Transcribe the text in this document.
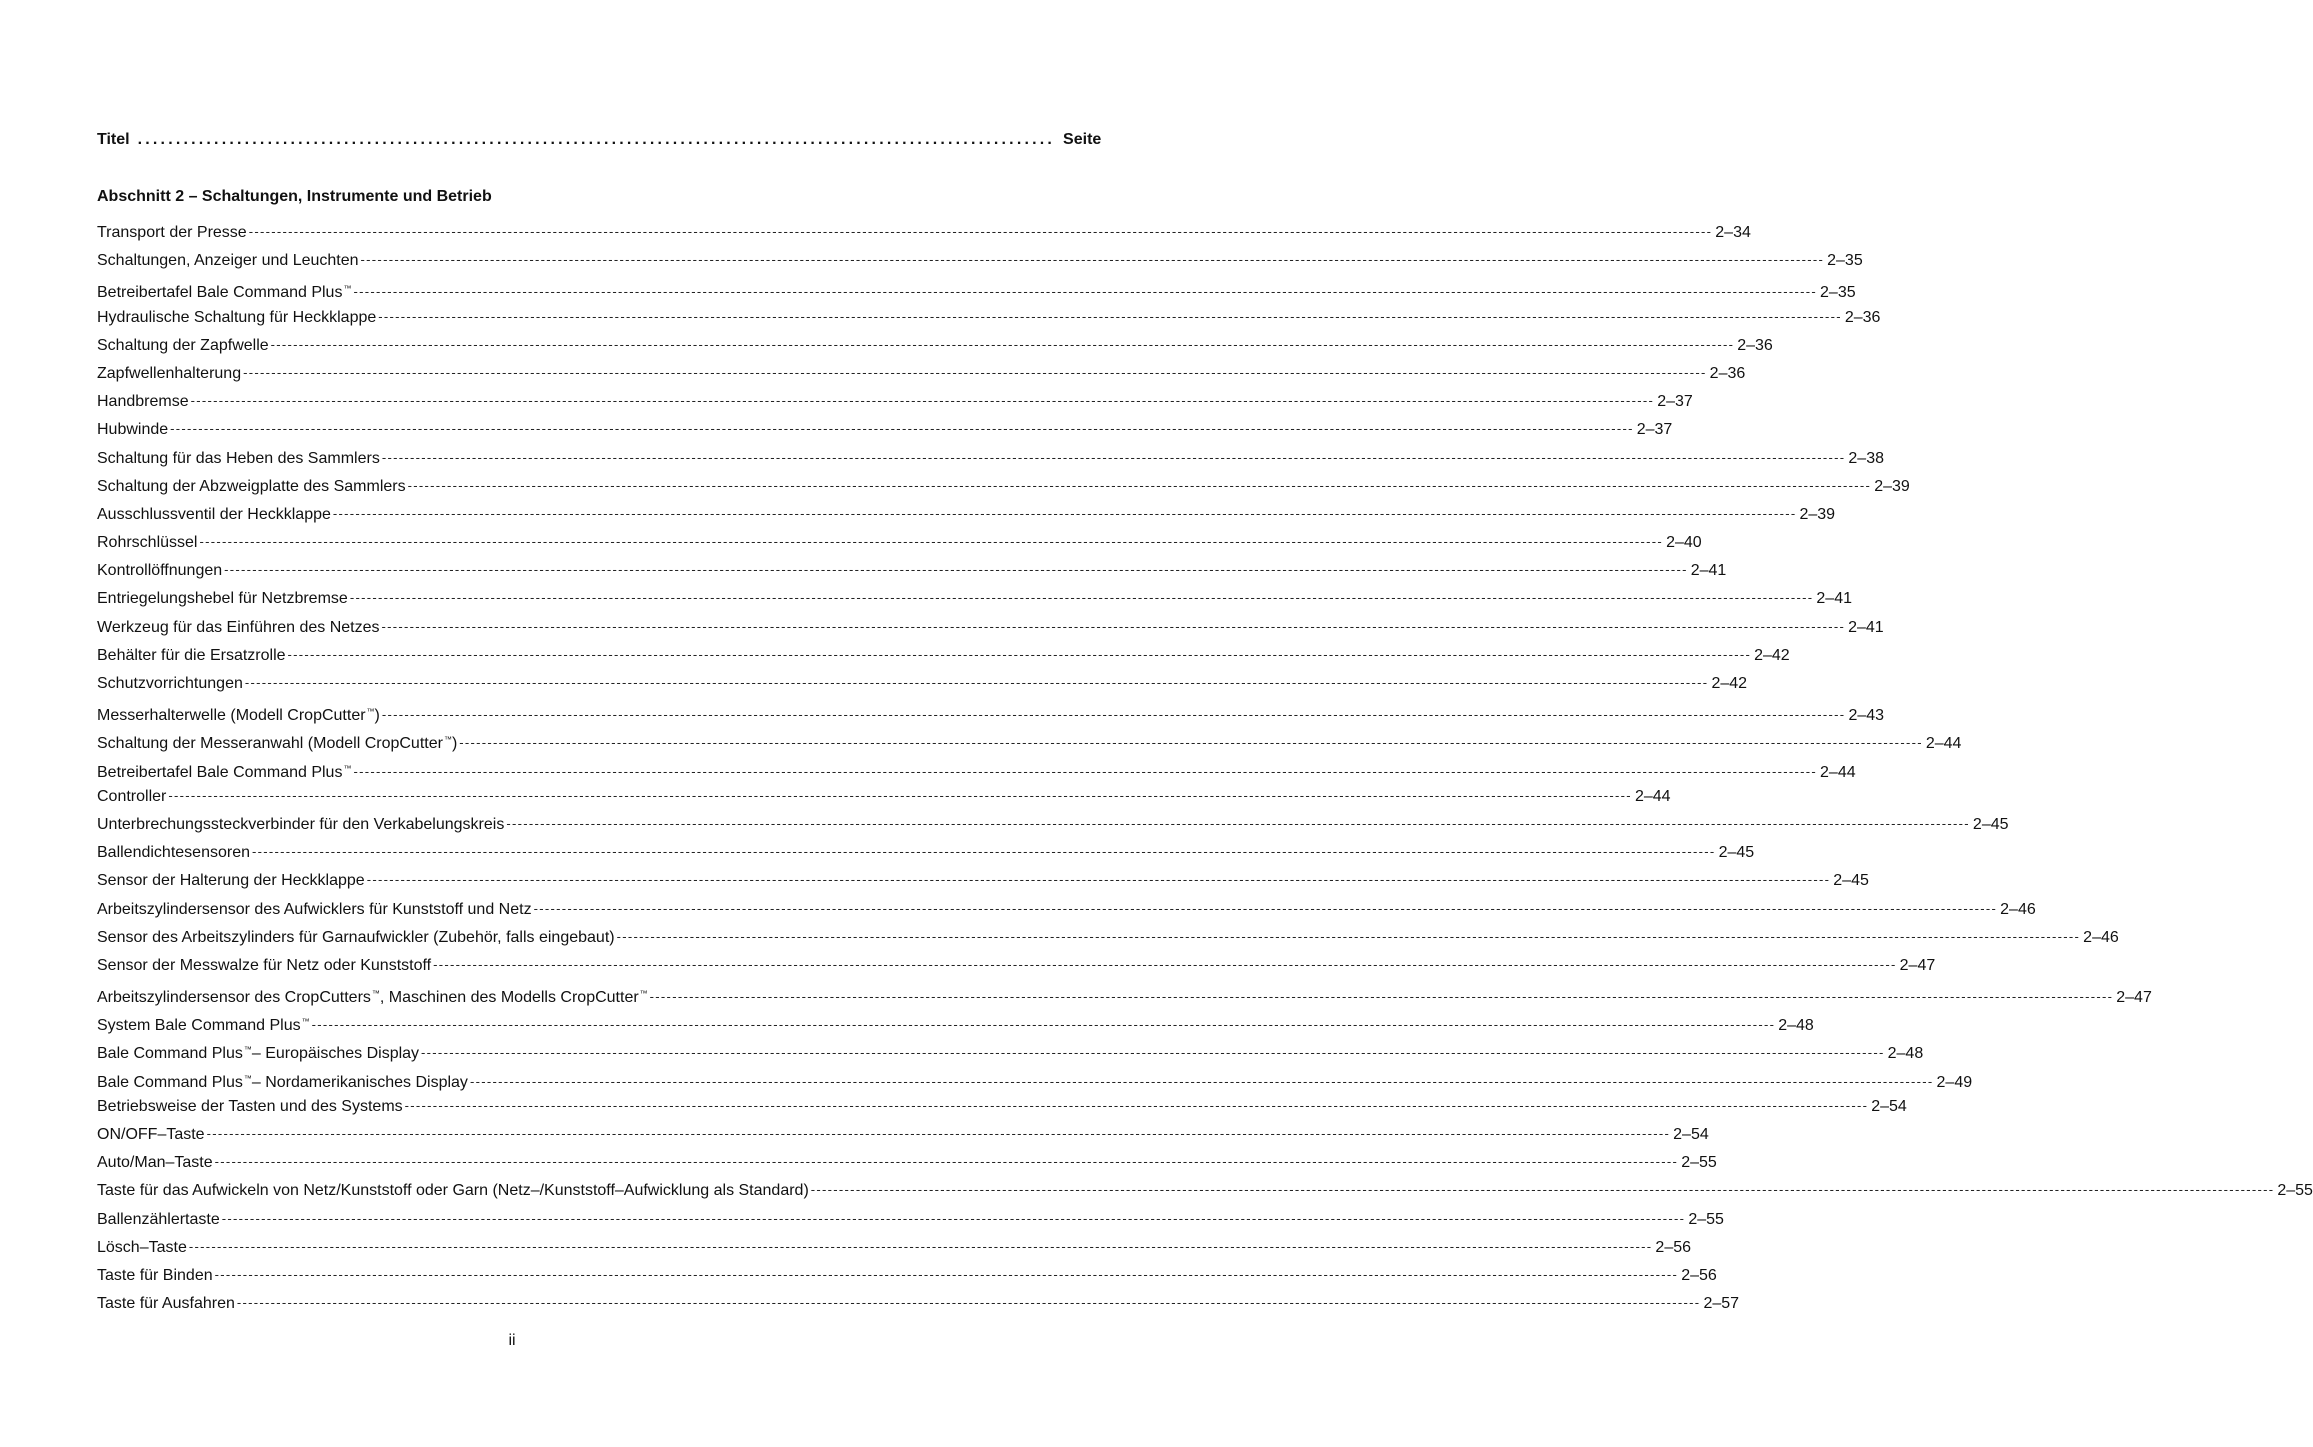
Titel ........................................................................................................................ Seite
Abschnitt 2 – Schaltungen, Instrumente und Betrieb
Transport der Presse -------------------------------------------------------------------------------------------------------------------------------------------------------------------------------------------------------------------------------------------------------------------- 2–34
Schaltungen, Anzeiger und Leuchten -------------------------------------------------------------------------------------------------------------------------------------------------------------------------------------------------------------------------------------------------------------------- 2–35
Betreibertafel Bale Command Plus™ -------------------------------------------------------------------------------------------------------------------------------------------------------------------------------------------------------------------------------------------------------------------- 2–35
Hydraulische Schaltung für Heckklappe -------------------------------------------------------------------------------------------------------------------------------------------------------------------------------------------------------------------------------------------------------------------- 2–36
Schaltung der Zapfwelle -------------------------------------------------------------------------------------------------------------------------------------------------------------------------------------------------------------------------------------------------------------------- 2–36
Zapfwellenhalterung -------------------------------------------------------------------------------------------------------------------------------------------------------------------------------------------------------------------------------------------------------------------- 2–36
Handbremse -------------------------------------------------------------------------------------------------------------------------------------------------------------------------------------------------------------------------------------------------------------------- 2–37
Hubwinde -------------------------------------------------------------------------------------------------------------------------------------------------------------------------------------------------------------------------------------------------------------------- 2–37
Schaltung für das Heben des Sammlers -------------------------------------------------------------------------------------------------------------------------------------------------------------------------------------------------------------------------------------------------------------------- 2–38
Schaltung der Abzweigplatte des Sammlers -------------------------------------------------------------------------------------------------------------------------------------------------------------------------------------------------------------------------------------------------------------------- 2–39
Ausschlussventil der Heckklappe -------------------------------------------------------------------------------------------------------------------------------------------------------------------------------------------------------------------------------------------------------------------- 2–39
Rohrschlüssel -------------------------------------------------------------------------------------------------------------------------------------------------------------------------------------------------------------------------------------------------------------------- 2–40
Kontrollöffnungen -------------------------------------------------------------------------------------------------------------------------------------------------------------------------------------------------------------------------------------------------------------------- 2–41
Entriegelungshebel für Netzbremse -------------------------------------------------------------------------------------------------------------------------------------------------------------------------------------------------------------------------------------------------------------------- 2–41
Werkzeug für das Einführen des Netzes -------------------------------------------------------------------------------------------------------------------------------------------------------------------------------------------------------------------------------------------------------------------- 2–41
Behälter für die Ersatzrolle -------------------------------------------------------------------------------------------------------------------------------------------------------------------------------------------------------------------------------------------------------------------- 2–42
Schutzvorrichtungen -------------------------------------------------------------------------------------------------------------------------------------------------------------------------------------------------------------------------------------------------------------------- 2–42
Messerhalterwelle (Modell CropCutter™) -------------------------------------------------------------------------------------------------------------------------------------------------------------------------------------------------------------------------------------------------------------------- 2–43
Schaltung der Messeranwahl (Modell CropCutter™) -------------------------------------------------------------------------------------------------------------------------------------------------------------------------------------------------------------------------------------------------------------------- 2–44
Betreibertafel Bale Command Plus™ -------------------------------------------------------------------------------------------------------------------------------------------------------------------------------------------------------------------------------------------------------------------- 2–44
Controller -------------------------------------------------------------------------------------------------------------------------------------------------------------------------------------------------------------------------------------------------------------------- 2–44
Unterbrechungssteckverbinder für den Verkabelungskreis -------------------------------------------------------------------------------------------------------------------------------------------------------------------------------------------------------------------------------------------------------------------- 2–45
Ballendichtesensoren -------------------------------------------------------------------------------------------------------------------------------------------------------------------------------------------------------------------------------------------------------------------- 2–45
Sensor der Halterung der Heckklappe -------------------------------------------------------------------------------------------------------------------------------------------------------------------------------------------------------------------------------------------------------------------- 2–45
Arbeitszylindersensor des Aufwicklers für Kunststoff und Netz -------------------------------------------------------------------------------------------------------------------------------------------------------------------------------------------------------------------------------------------------------------------- 2–46
Sensor des Arbeitszylinders für Garnaufwickler (Zubehör, falls eingebaut) -------------------------------------------------------------------------------------------------------------------------------------------------------------------------------------------------------------------------------------------------------------------- 2–46
Sensor der Messwalze für Netz oder Kunststoff -------------------------------------------------------------------------------------------------------------------------------------------------------------------------------------------------------------------------------------------------------------------- 2–47
Arbeitszylindersensor des CropCutters™, Maschinen des Modells CropCutter™ -------------------------------------------------------------------------------------------------------------------------------------------------------------------------------------------------------------------------------------------------------------------- 2–47
System Bale Command Plus™ -------------------------------------------------------------------------------------------------------------------------------------------------------------------------------------------------------------------------------------------------------------------- 2–48
Bale Command Plus™– Europäisches Display -------------------------------------------------------------------------------------------------------------------------------------------------------------------------------------------------------------------------------------------------------------------- 2–48
Bale Command Plus™– Nordamerikanisches Display -------------------------------------------------------------------------------------------------------------------------------------------------------------------------------------------------------------------------------------------------------------------- 2–49
Betriebsweise der Tasten und des Systems -------------------------------------------------------------------------------------------------------------------------------------------------------------------------------------------------------------------------------------------------------------------- 2–54
ON/OFF–Taste -------------------------------------------------------------------------------------------------------------------------------------------------------------------------------------------------------------------------------------------------------------------- 2–54
Auto/Man–Taste -------------------------------------------------------------------------------------------------------------------------------------------------------------------------------------------------------------------------------------------------------------------- 2–55
Taste für das Aufwickeln von Netz/Kunststoff oder Garn (Netz–/Kunststoff–Aufwicklung als Standard) -------------------------------------------------------------------------------------------------------------------------------------------------------------------------------------------------------------------------------------------------------------------- 2–55
Ballenzählertaste -------------------------------------------------------------------------------------------------------------------------------------------------------------------------------------------------------------------------------------------------------------------- 2–55
Lösch–Taste -------------------------------------------------------------------------------------------------------------------------------------------------------------------------------------------------------------------------------------------------------------------- 2–56
Taste für Binden -------------------------------------------------------------------------------------------------------------------------------------------------------------------------------------------------------------------------------------------------------------------- 2–56
Taste für Ausfahren -------------------------------------------------------------------------------------------------------------------------------------------------------------------------------------------------------------------------------------------------------------------- 2–57
ii
